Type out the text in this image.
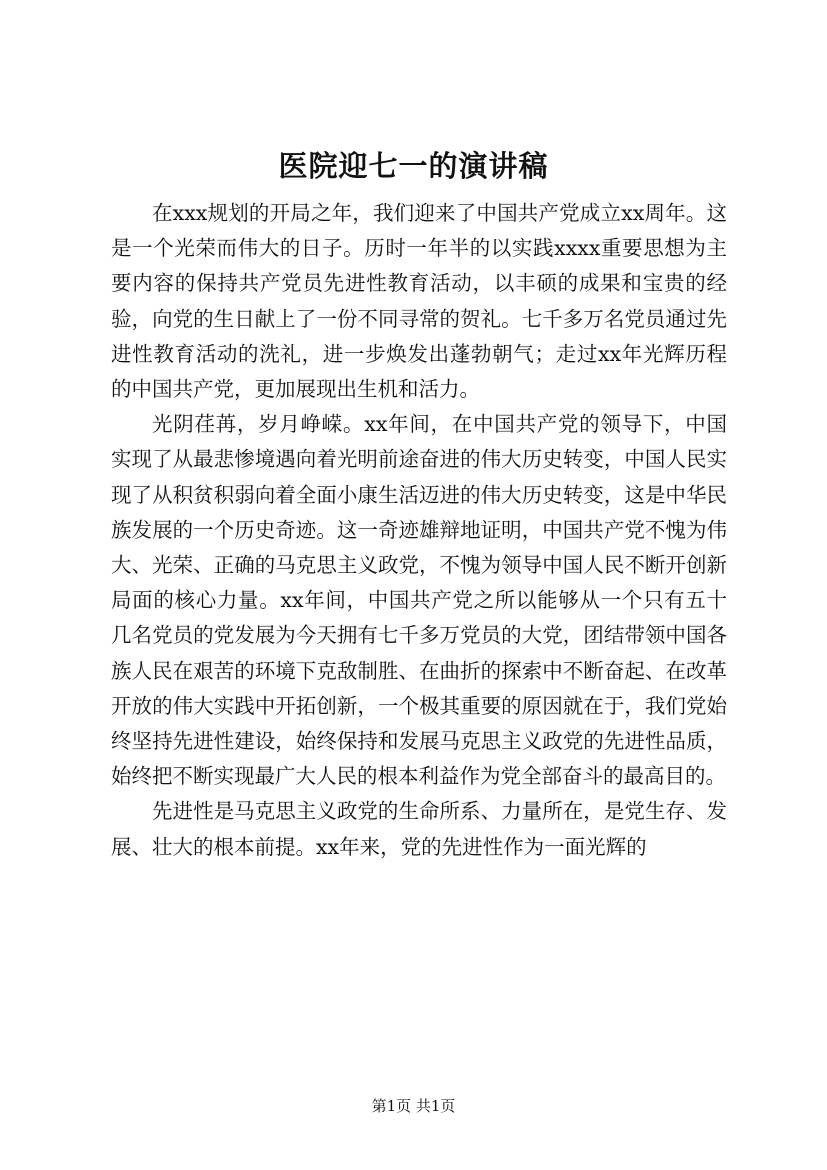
医院迎七一的演讲稿

在xxx规划的开局之年，我们迎来了中国共产党成立xx周年。这是一个光荣而伟大的日子。历时一年半的以实践xxxx重要思想为主要内容的保持共产党员先进性教育活动，以丰硕的成果和宝贵的经验，向党的生日献上了一份不同寻常的贺礼。七千多万名党员通过先进性教育活动的洗礼，进一步焕发出蓬勃朝气；走过xx年光辉历程的中国共产党，更加展现出生机和活力。

光阴荏苒，岁月峥嵘。xx年间，在中国共产党的领导下，中国实现了从最悲惨境遇向着光明前途奋进的伟大历史转变，中国人民实现了从积贫积弱向着全面小康生活迈进的伟大历史转变，这是中华民族发展的一个历史奇迹。这一奇迹雄辩地证明，中国共产党不愧为伟大、光荣、正确的马克思主义政党，不愧为领导中国人民不断开创新局面的核心力量。xx年间，中国共产党之所以能够从一个只有五十几名党员的党发展为今天拥有七千多万党员的大党，团结带领中国各族人民在艰苦的环境下克敌制胜、在曲折的探索中不断奋起、在改革开放的伟大实践中开拓创新，一个极其重要的原因就在于，我们党始终坚持先进性建设，始终保持和发展马克思主义政党的先进性品质，始终把不断实现最广大人民的根本利益作为党全部奋斗的最高目的。

先进性是马克思主义政党的生命所系、力量所在，是党生存、发展、壮大的根本前提。xx年来，党的先进性作为一面光辉的

第1页 共1页
